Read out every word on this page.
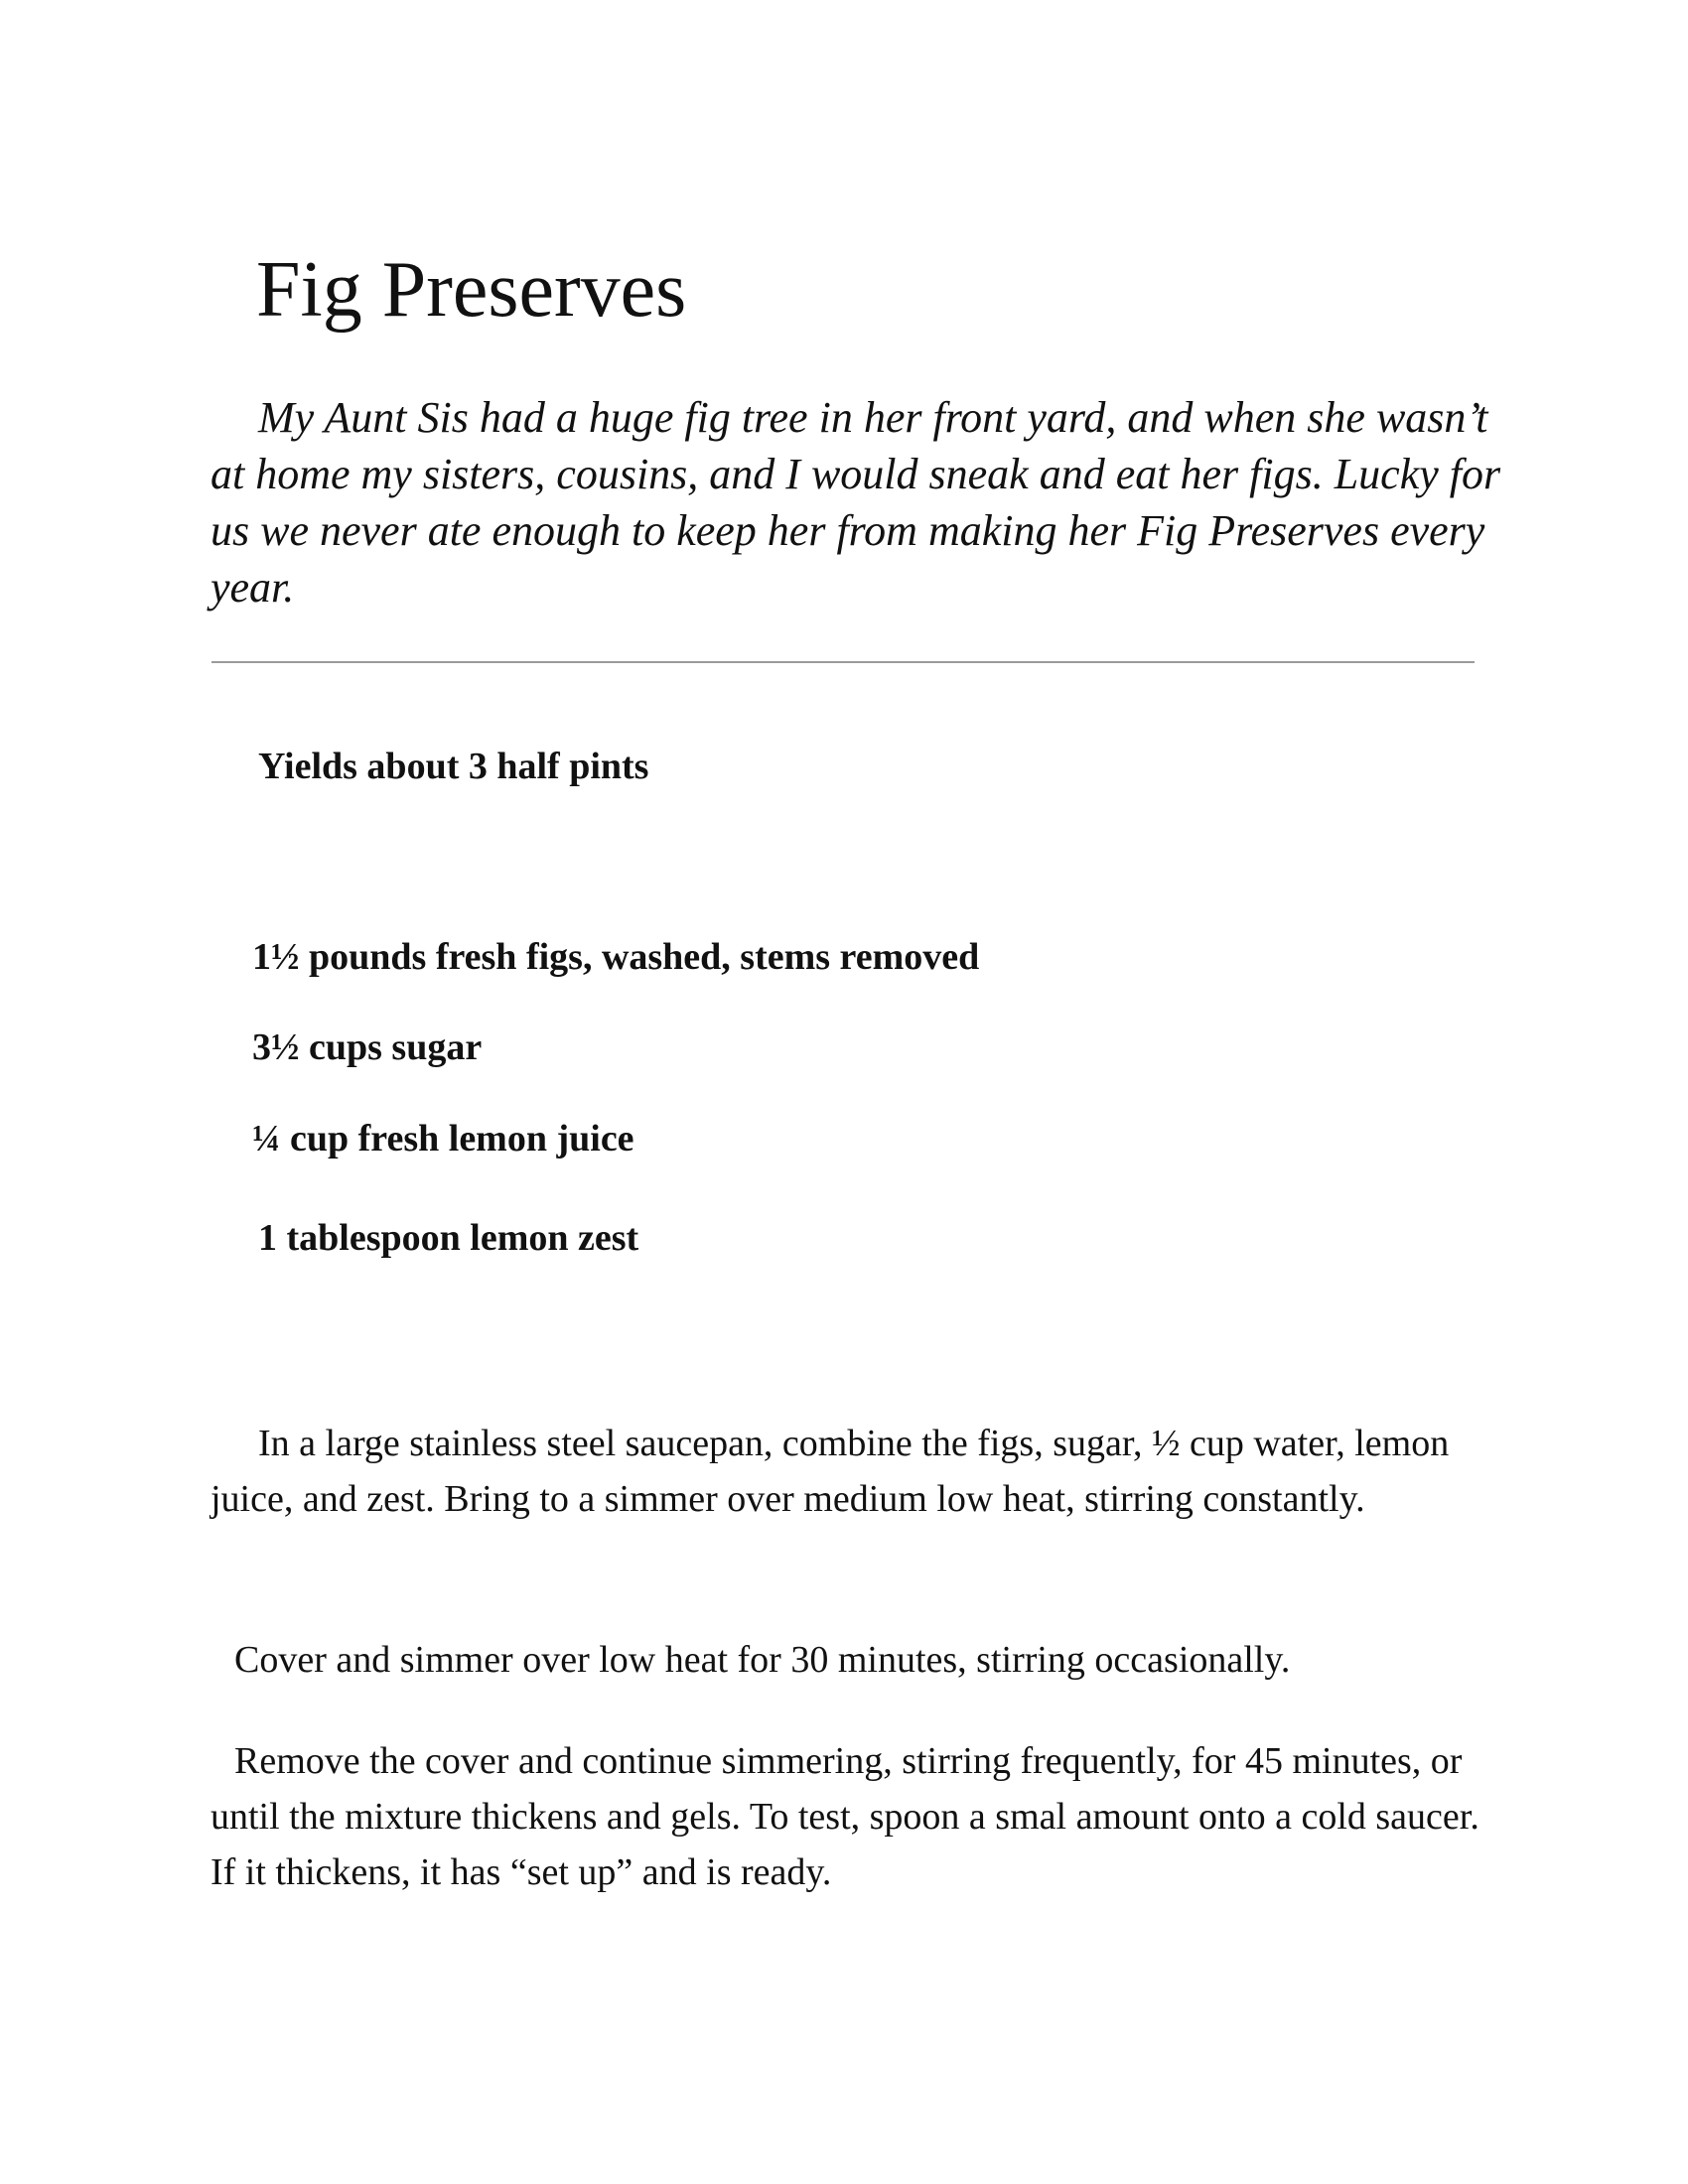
Fig Preserves

My Aunt Sis had a huge fig tree in her front yard, and when she wasn’t at home my sisters, cousins, and I would sneak and eat her figs. Lucky for us we never ate enough to keep her from making her Fig Preserves every year.

Yields about 3 half pints

1½ pounds fresh figs, washed, stems removed
3½ cups sugar
¼ cup fresh lemon juice
1 tablespoon lemon zest

In a large stainless steel saucepan, combine the figs, sugar, ½ cup water, lemon juice, and zest. Bring to a simmer over medium low heat, stirring constantly.

Cover and simmer over low heat for 30 minutes, stirring occasionally.

Remove the cover and continue simmering, stirring frequently, for 45 minutes, or until the mixture thickens and gels. To test, spoon a smal amount onto a cold saucer. If it thickens, it has “set up” and is ready.
